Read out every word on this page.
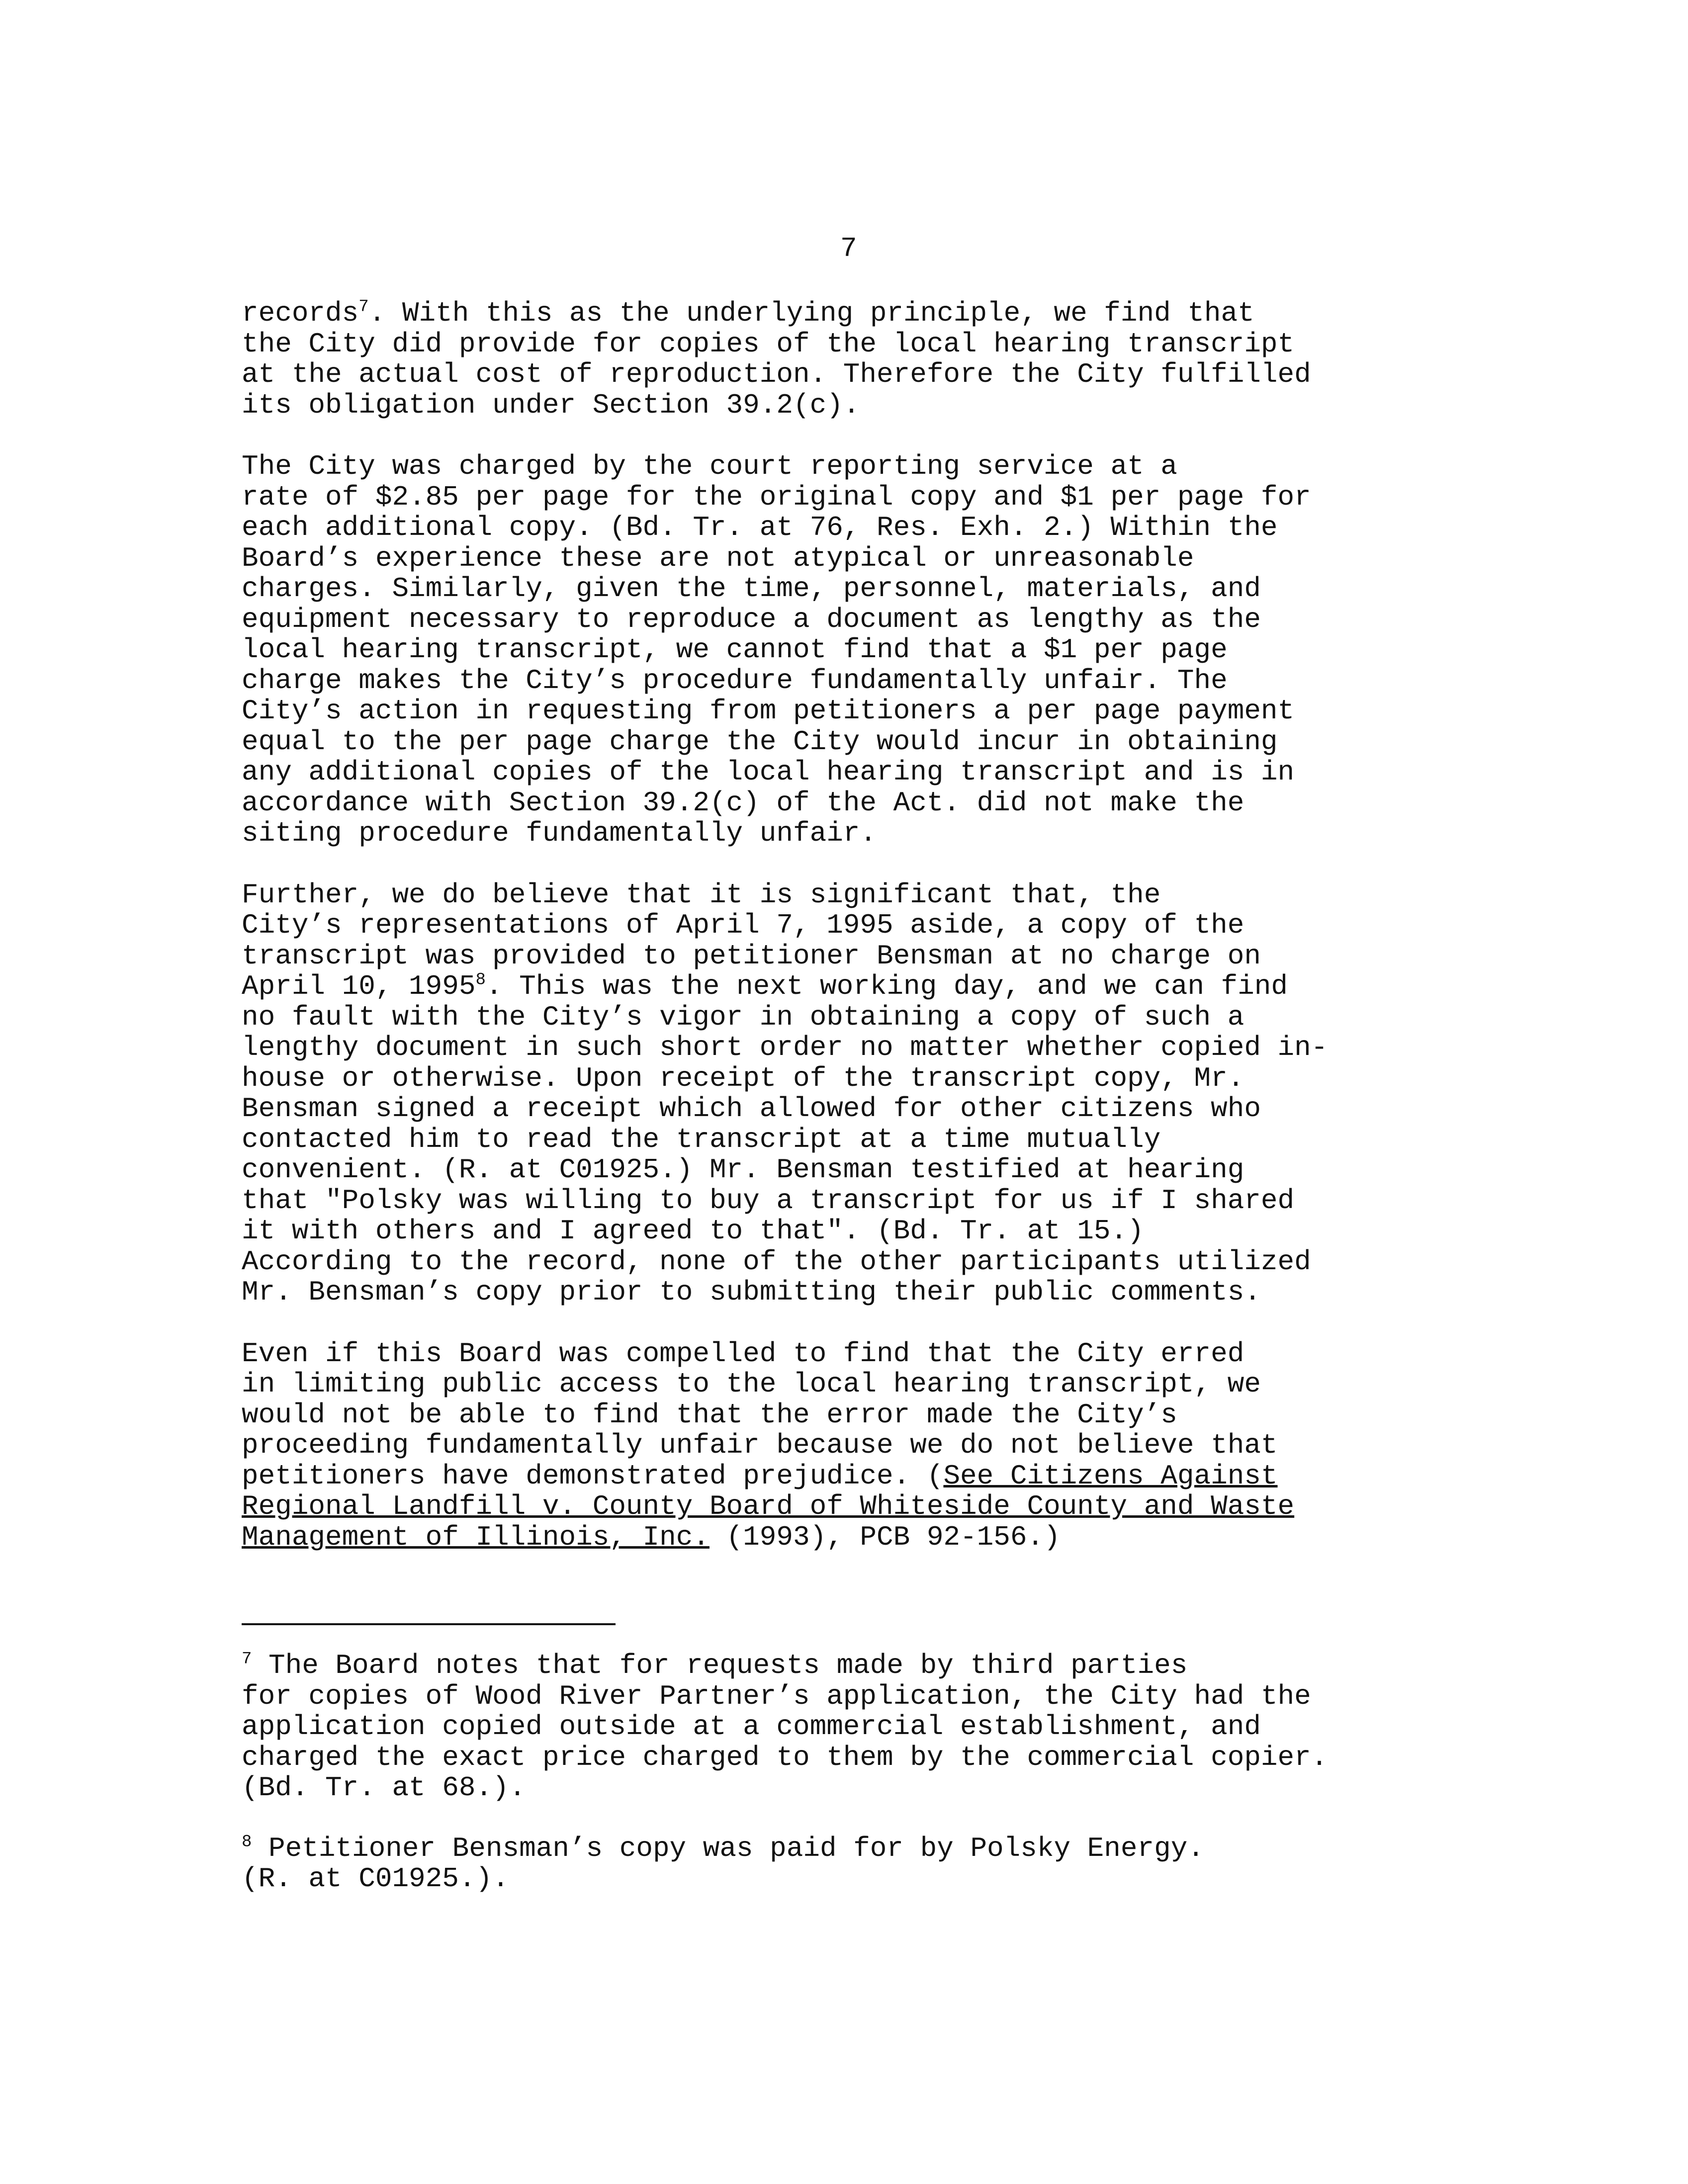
7

records$^7$. With this as the underlying principle, we find that
the City did provide for copies of the local hearing transcript
at the actual cost of reproduction. Therefore the City fulfilled
its obligation under Section 39.2(c).

The City was charged by the court reporting service at a
rate of $2.85 per page for the original copy and $1 per page for
each additional copy. (Bd. Tr. at 76, Res. Exh. 2.) Within the
Board’s experience these are not atypical or unreasonable
charges. Similarly, given the time, personnel, materials, and
equipment necessary to reproduce a document as lengthy as the
local hearing transcript, we cannot find that a $1 per page
charge makes the City’s procedure fundamentally unfair. The
City’s action in requesting from petitioners a per page payment
equal to the per page charge the City would incur in obtaining
any additional copies of the local hearing transcript and is in
accordance with Section 39.2(c) of the Act. did not make the
siting procedure fundamentally unfair.

Further, we do believe that it is significant that, the
City’s representations of April 7, 1995 aside, a copy of the
transcript was provided to petitioner Bensman at no charge on
April 10, 1995$^8$. This was the next working day, and we can find
no fault with the City’s vigor in obtaining a copy of such a
lengthy document in such short order no matter whether copied in-
house or otherwise. Upon receipt of the transcript copy, Mr.
Bensman signed a receipt which allowed for other citizens who
contacted him to read the transcript at a time mutually
convenient. (R. at C01925.) Mr. Bensman testified at hearing
that "Polsky was willing to buy a transcript for us if I shared
it with others and I agreed to that". (Bd. Tr. at 15.)
According to the record, none of the other participants utilized
Mr. Bensman’s copy prior to submitting their public comments.

Even if this Board was compelled to find that the City erred
in limiting public access to the local hearing transcript, we
would not be able to find that the error made the City’s
proceeding fundamentally unfair because we do not believe that
petitioners have demonstrated prejudice. (See Citizens Against
Regional Landfill v. County Board of Whiteside County and Waste
Management of Illinois, Inc. (1993), PCB 92-156.)

$^7$ The Board notes that for requests made by third parties
for copies of Wood River Partner’s application, the City had the
application copied outside at a commercial establishment, and
charged the exact price charged to them by the commercial copier.
(Bd. Tr. at 68.).

$^8$ Petitioner Bensman’s copy was paid for by Polsky Energy.
(R. at C01925.).
